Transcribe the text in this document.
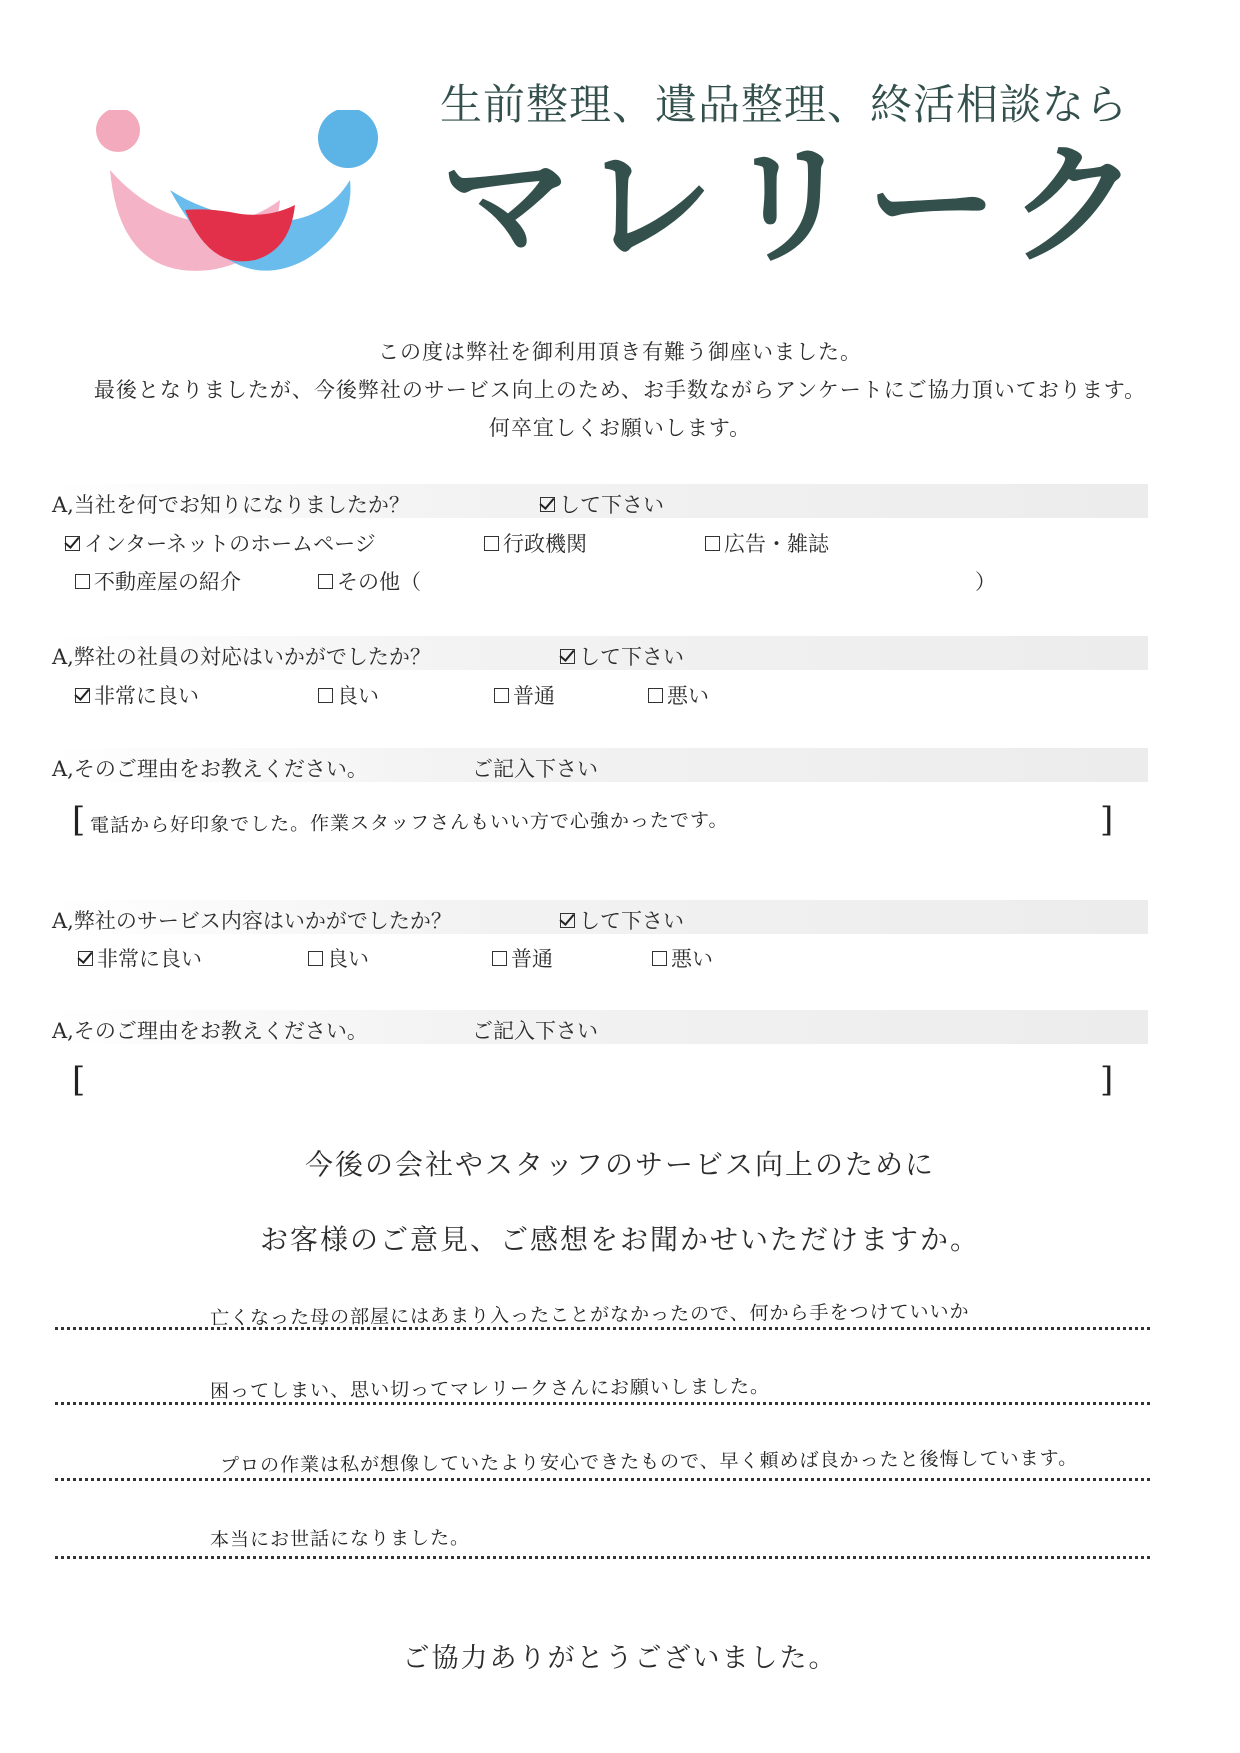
生前整理、遺品整理、終活相談なら
マレリーク
この度は弊社を御利用頂き有難う御座いました。
最後となりましたが、今後弊社のサービス向上のため、お手数ながらアンケートにご協力頂いております。
何卒宜しくお願いします。
A,当社を何でお知りになりましたか？	して下さい
インターネットのホームページ	行政機関	広告・雑誌
不動産屋の紹介	その他（	）
A,弊社の社員の対応はいかがでしたか？	して下さい
非常に良い	良い	普通	悪い
A,そのご理由をお教えください。	ご記入下さい
[ 電話から好印象でした。作業スタッフさんもいい方で心強かったです。	]
A,弊社のサービス内容はいかがでしたか？	して下さい
非常に良い	良い	普通	悪い
A,そのご理由をお教えください。	ご記入下さい
[	]
今後の会社やスタッフのサービス向上のために
お客様のご意見、ご感想をお聞かせいただけますか。
亡くなった母の部屋にはあまり入ったことがなかったので、何から手をつけていいか
困ってしまい、思い切ってマレリークさんにお願いしました。
プロの作業は私が想像していたより安心できたもので、早く頼めば良かったと後悔しています。
本当にお世話になりました。
ご協力ありがとうございました。
